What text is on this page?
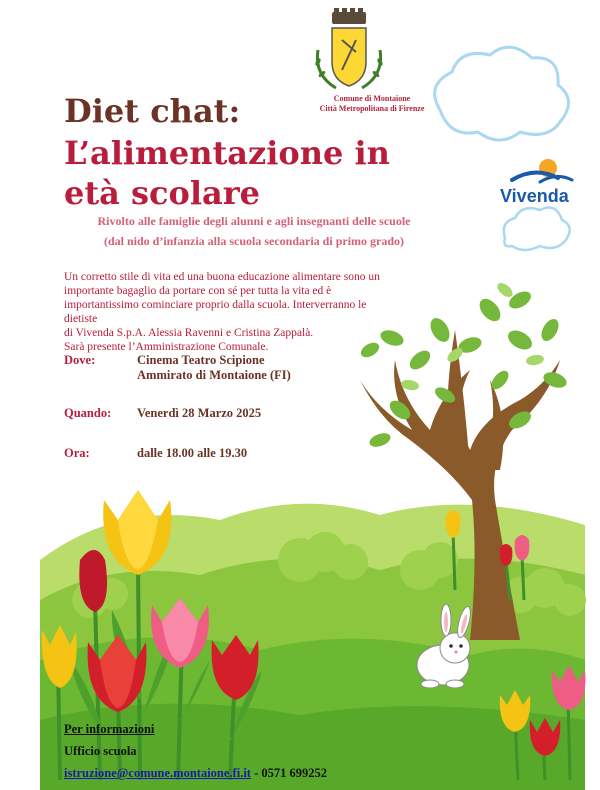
Comune di Montaione
Città Metropolitana di Firenze
Vivenda
Diet chat:
L’alimentazione in
età scolare
Rivolto alle famiglie degli alunni e agli insegnanti delle scuole
(dal nido d’infanzia alla scuola secondaria di primo grado)
Un corretto stile di vita ed una buona educazione alimentare sono un
importante bagaglio da portare con sé per tutta la vita ed è
importantissimo cominciare proprio dalla scuola. Interverranno le dietiste
di Vivenda S.p.A. Alessia Ravenni e Cristina Zappalà.
Sarà presente l’Amministrazione Comunale.
Dove:	Cinema Teatro Scipione
Ammirato di Montaione (FI)
Quando: Venerdì 28 Marzo 2025
Ora:	dalle 18.00 alle 19.30
Per informazioni
Ufficio scuola
istruzione@comune.montaione.fi.it - 0571 699252
